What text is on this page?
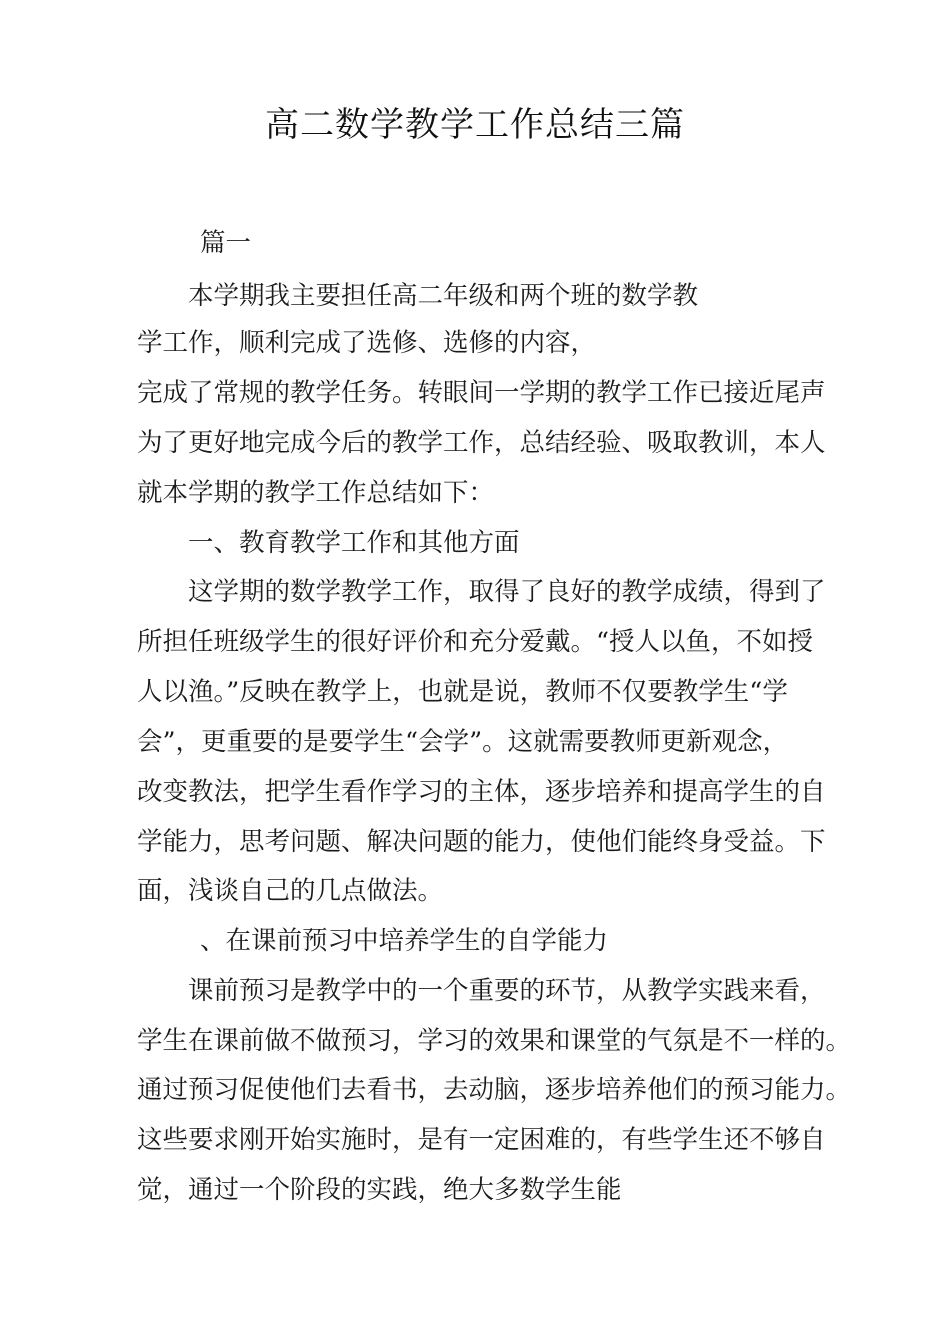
高二数学教学工作总结三篇
篇一
本学期我主要担任高二年级和两个班的数学教
学工作，顺利完成了选修、选修的内容，
完成了常规的教学任务。转眼间一学期的教学工作已接近尾声
为了更好地完成今后的教学工作，总结经验、吸取教训，本人
就本学期的教学工作总结如下：
一、教育教学工作和其他方面
这学期的数学教学工作，取得了良好的教学成绩，得到了
所担任班级学生的很好评价和充分爱戴。“授人以鱼，不如授
人以渔。”反映在教学上，也就是说，教师不仅要教学生“学
会”，更重要的是要学生“会学”。这就需要教师更新观念，
改变教法，把学生看作学习的主体，逐步培养和提高学生的自
学能力，思考问题、解决问题的能力，使他们能终身受益。下
面，浅谈自己的几点做法。
、在课前预习中培养学生的自学能力
课前预习是教学中的一个重要的环节，从教学实践来看，
学生在课前做不做预习，学习的效果和课堂的气氛是不一样的。
通过预习促使他们去看书，去动脑，逐步培养他们的预习能力。
这些要求刚开始实施时，是有一定困难的，有些学生还不够自
觉，通过一个阶段的实践，绝大多数学生能
